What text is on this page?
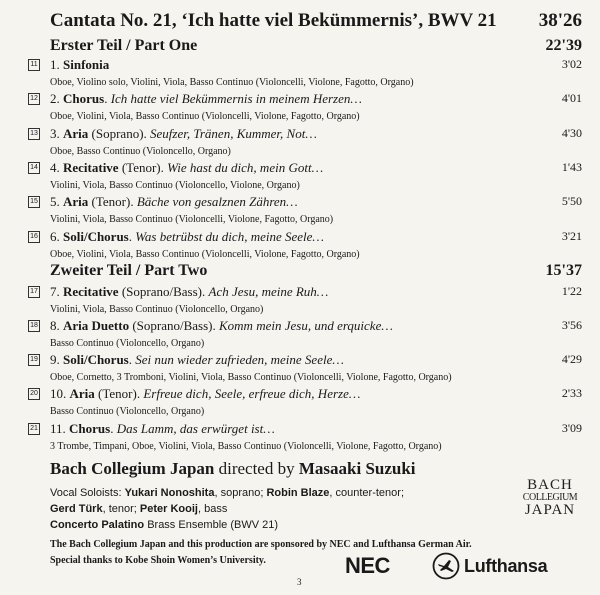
Cantata No. 21, ‘Ich hatte viel Bekümmernis’, BWV 21 38'26
Erster Teil / Part One	22'39
11 1. Sinfonia	3'02
Oboe, Violino solo, Violini, Viola, Basso Continuo (Violoncelli, Violone, Fagotto, Organo)
12 2. Chorus. Ich hatte viel Bekümmernis in meinem Herzen…	4'01
Oboe, Violini, Viola, Basso Continuo (Violoncelli, Violone, Fagotto, Organo)
13 3. Aria (Soprano). Seufzer, Tränen, Kummer, Not…	4'30
Oboe, Basso Continuo (Violoncello, Organo)
14 4. Recitative (Tenor). Wie hast du dich, mein Gott…	1'43
Violini, Viola, Basso Continuo (Violoncello, Violone, Organo)
15 5. Aria (Tenor). Bäche von gesalznen Zähren…	5'50
Violini, Viola, Basso Continuo (Violoncelli, Violone, Fagotto, Organo)
16 6. Soli/Chorus. Was betrübst du dich, meine Seele…	3'21
Oboe, Violini, Viola, Basso Continuo (Violoncelli, Violone, Fagotto, Organo)
Zweiter Teil / Part Two	15'37
17 7. Recitative (Soprano/Bass). Ach Jesu, meine Ruh…	1'22
Violini, Viola, Basso Continuo (Violoncello, Organo)
18 8. Aria Duetto (Soprano/Bass). Komm mein Jesu, und erquicke…	3'56
Basso Continuo (Violoncello, Organo)
19 9. Soli/Chorus. Sei nun wieder zufrieden, meine Seele…	4'29
Oboe, Cornetto, 3 Tromboni, Violini, Viola, Basso Continuo (Violoncelli, Violone, Fagotto, Organo)
20 10. Aria (Tenor). Erfreue dich, Seele, erfreue dich, Herze…	2'33
Basso Continuo (Violoncello, Organo)
21 11. Chorus. Das Lamm, das erwürget ist…	3'09
3 Trombe, Timpani, Oboe, Violini, Viola, Basso Continuo (Violoncelli, Violone, Fagotto, Organo)
Bach Collegium Japan directed by Masaaki Suzuki
Vocal Soloists: Yukari Nonoshita, soprano; Robin Blaze, counter-tenor;
Gerd Türk, tenor; Peter Kooij, bass
Concerto Palatino Brass Ensemble (BWV 21)
The Bach Collegium Japan and this production are sponsored by NEC and Lufthansa German Air.
Special thanks to Kobe Shoin Women’s University.
BACH
COLLEGIUM
JAPAN
NEC	Lufthansa
3
